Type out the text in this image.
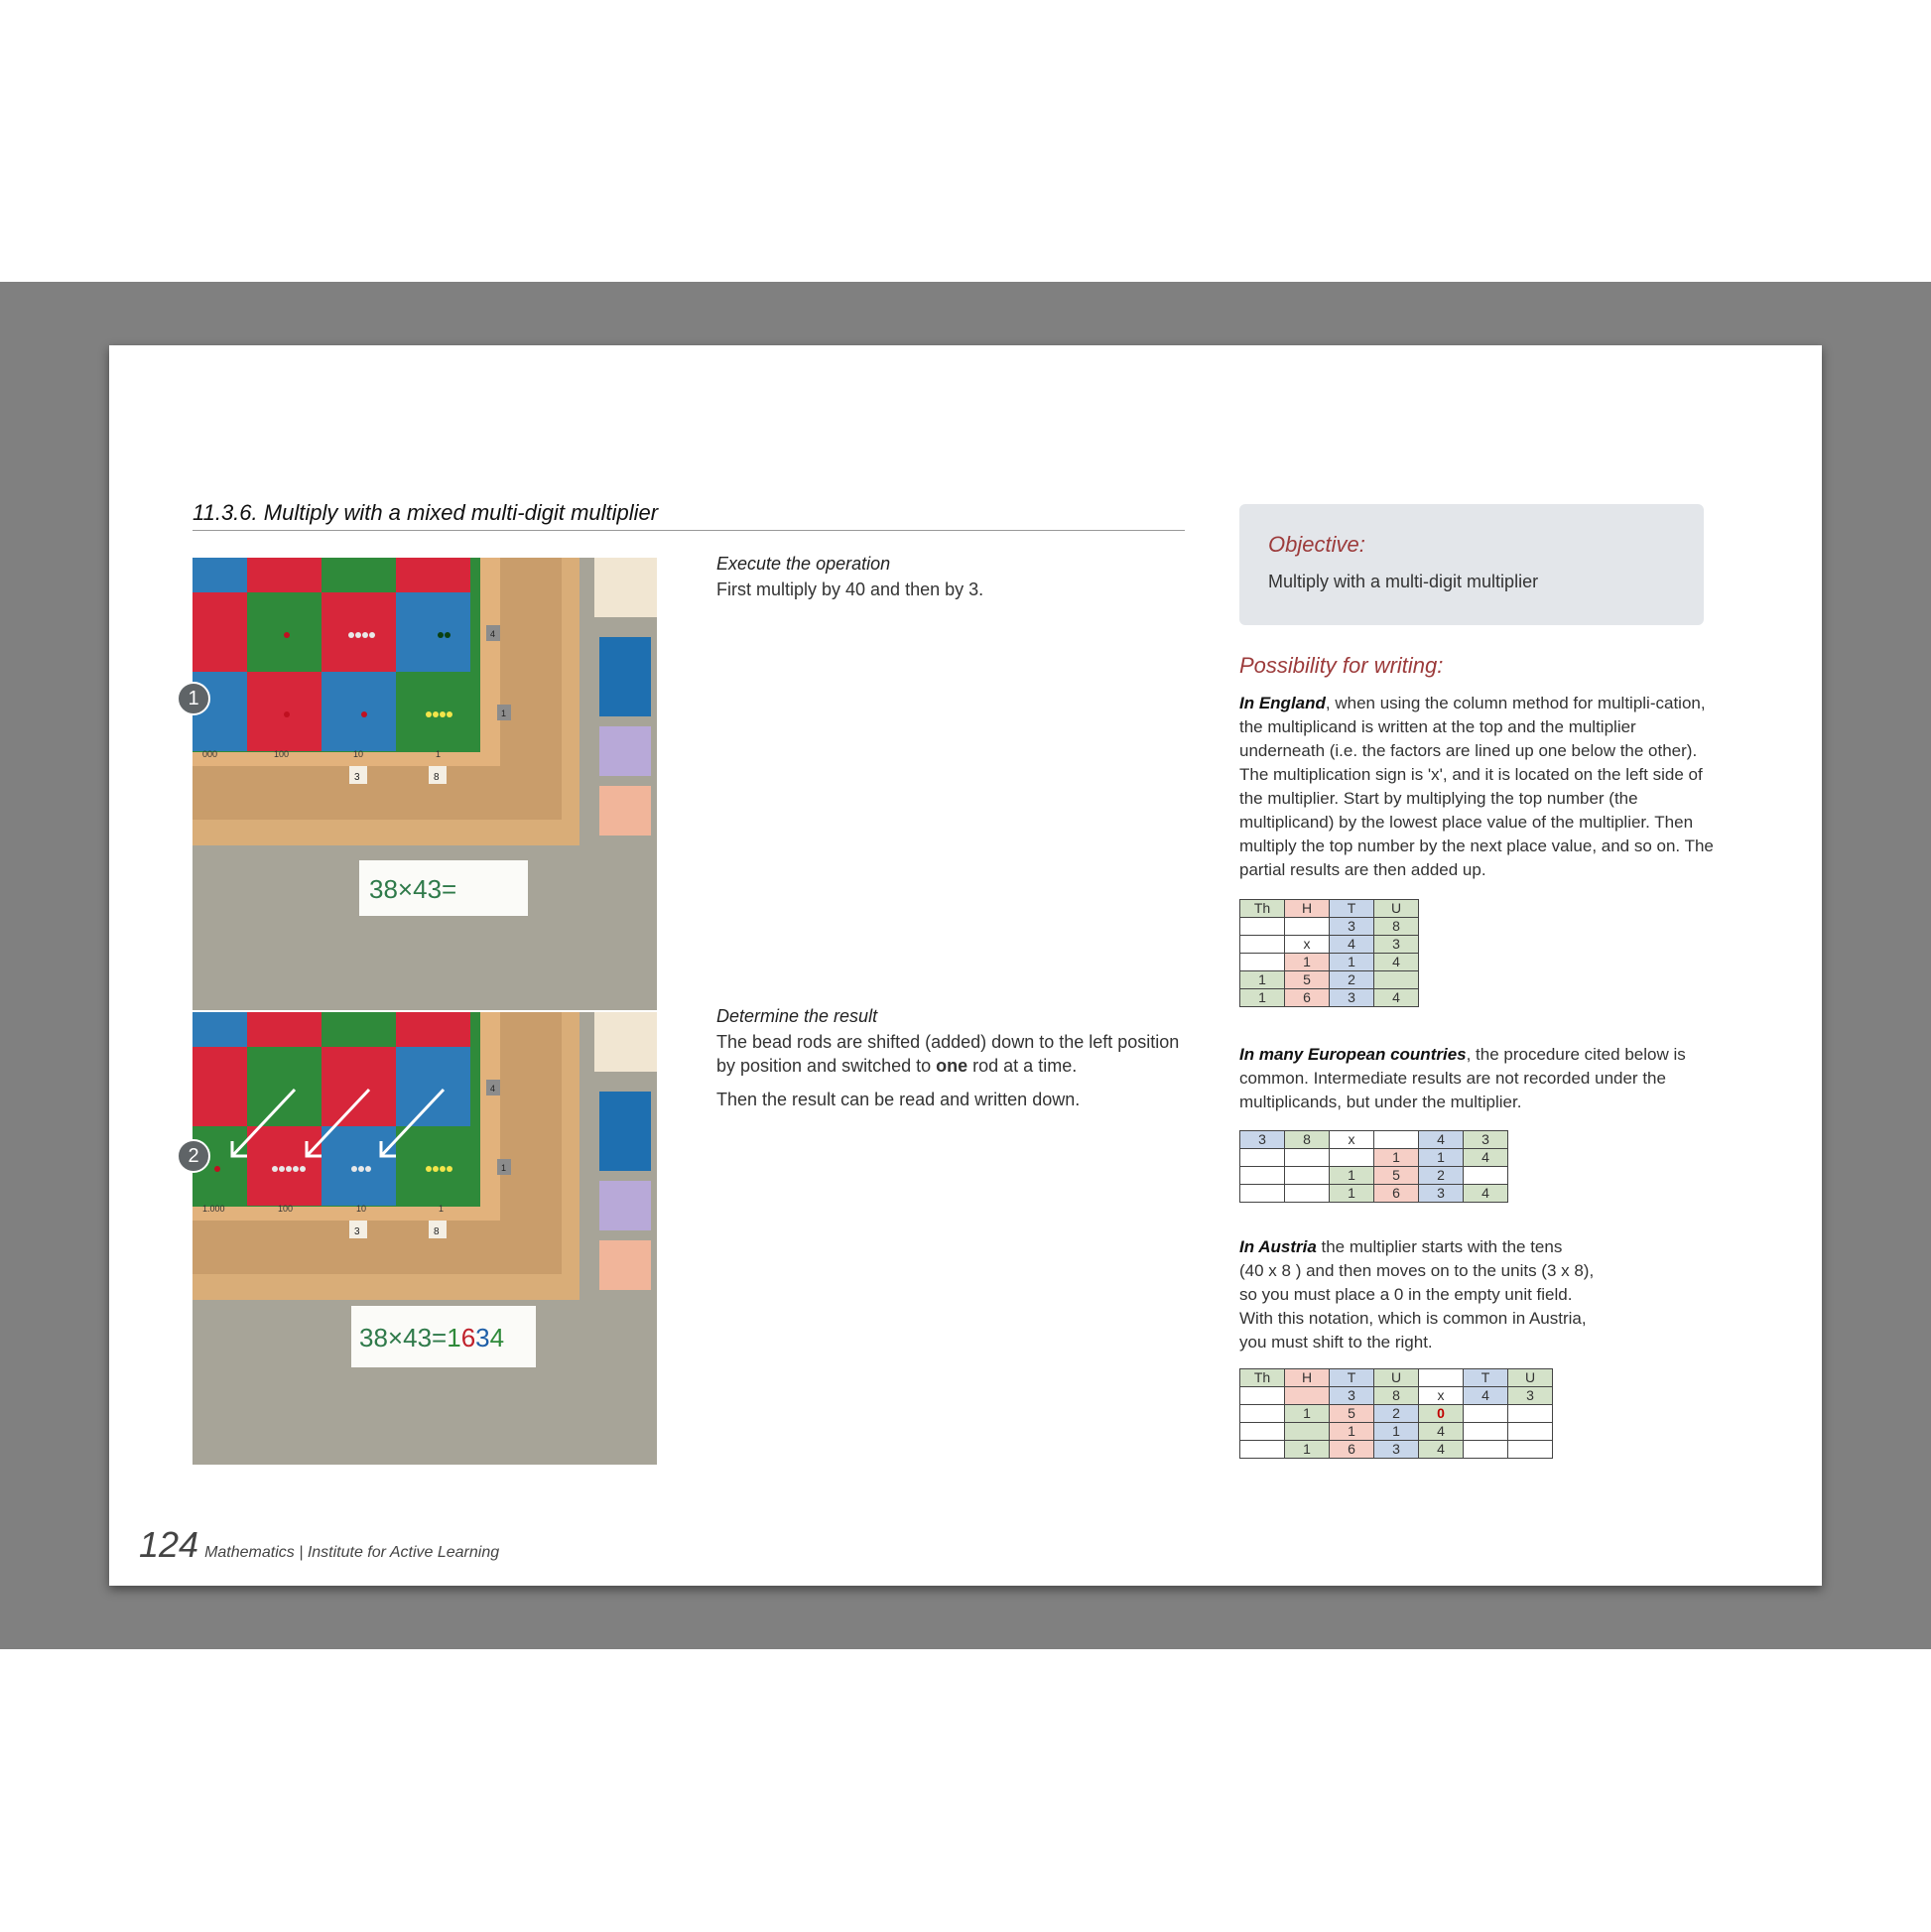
11.3.6. Multiply with a mixed multi-digit multiplier
000	100	10	1
4
1
3	8
38×43=
1
1.000	100	10	1
4
1
3	8
38×43=1634
2
Execute the operation

First multiply by 40 and then by 3.

Determine the result

The bead rods are shifted (added) down to the left position by position and switched to one rod at a time.

Then the result can be read and written down.

Objective:
Multiply with a multi-digit multiplier
Possibility for writing:
In England, when using the column method for multipli-cation, the multiplicand is written at the top and the multiplier underneath (i.e. the factors are lined up one below the other). The multiplication sign is 'x', and it is located on the left side of the multiplier. Start by multiplying the top number (the multiplicand) by the lowest place value of the multiplier. Then multiply the top number by the next place value, and so on. The partial results are then added up.
Th	H	T	U
		3	8
	x	4	3
	1	1	4
1	5	2	
1	6	3	4
In many European countries, the procedure cited below is common. Intermediate results are not recorded under the multiplicands, but under the multiplier.
3	8	x		4	3
			1	1	4
		1	5	2	
		1	6	3	4
In Austria the multiplier starts with the tens
(40 x 8 ) and then moves on to the units (3 x 8),
so you must place a 0 in the empty unit field.
With this notation, which is common in Austria,
you must shift to the right.
Th	H	T	U		T	U
		3	8	x	4	3
	1	5	2	0		
		1	1	4		
	1	6	3	4		
124 Mathematics | Institute for Active Learning
